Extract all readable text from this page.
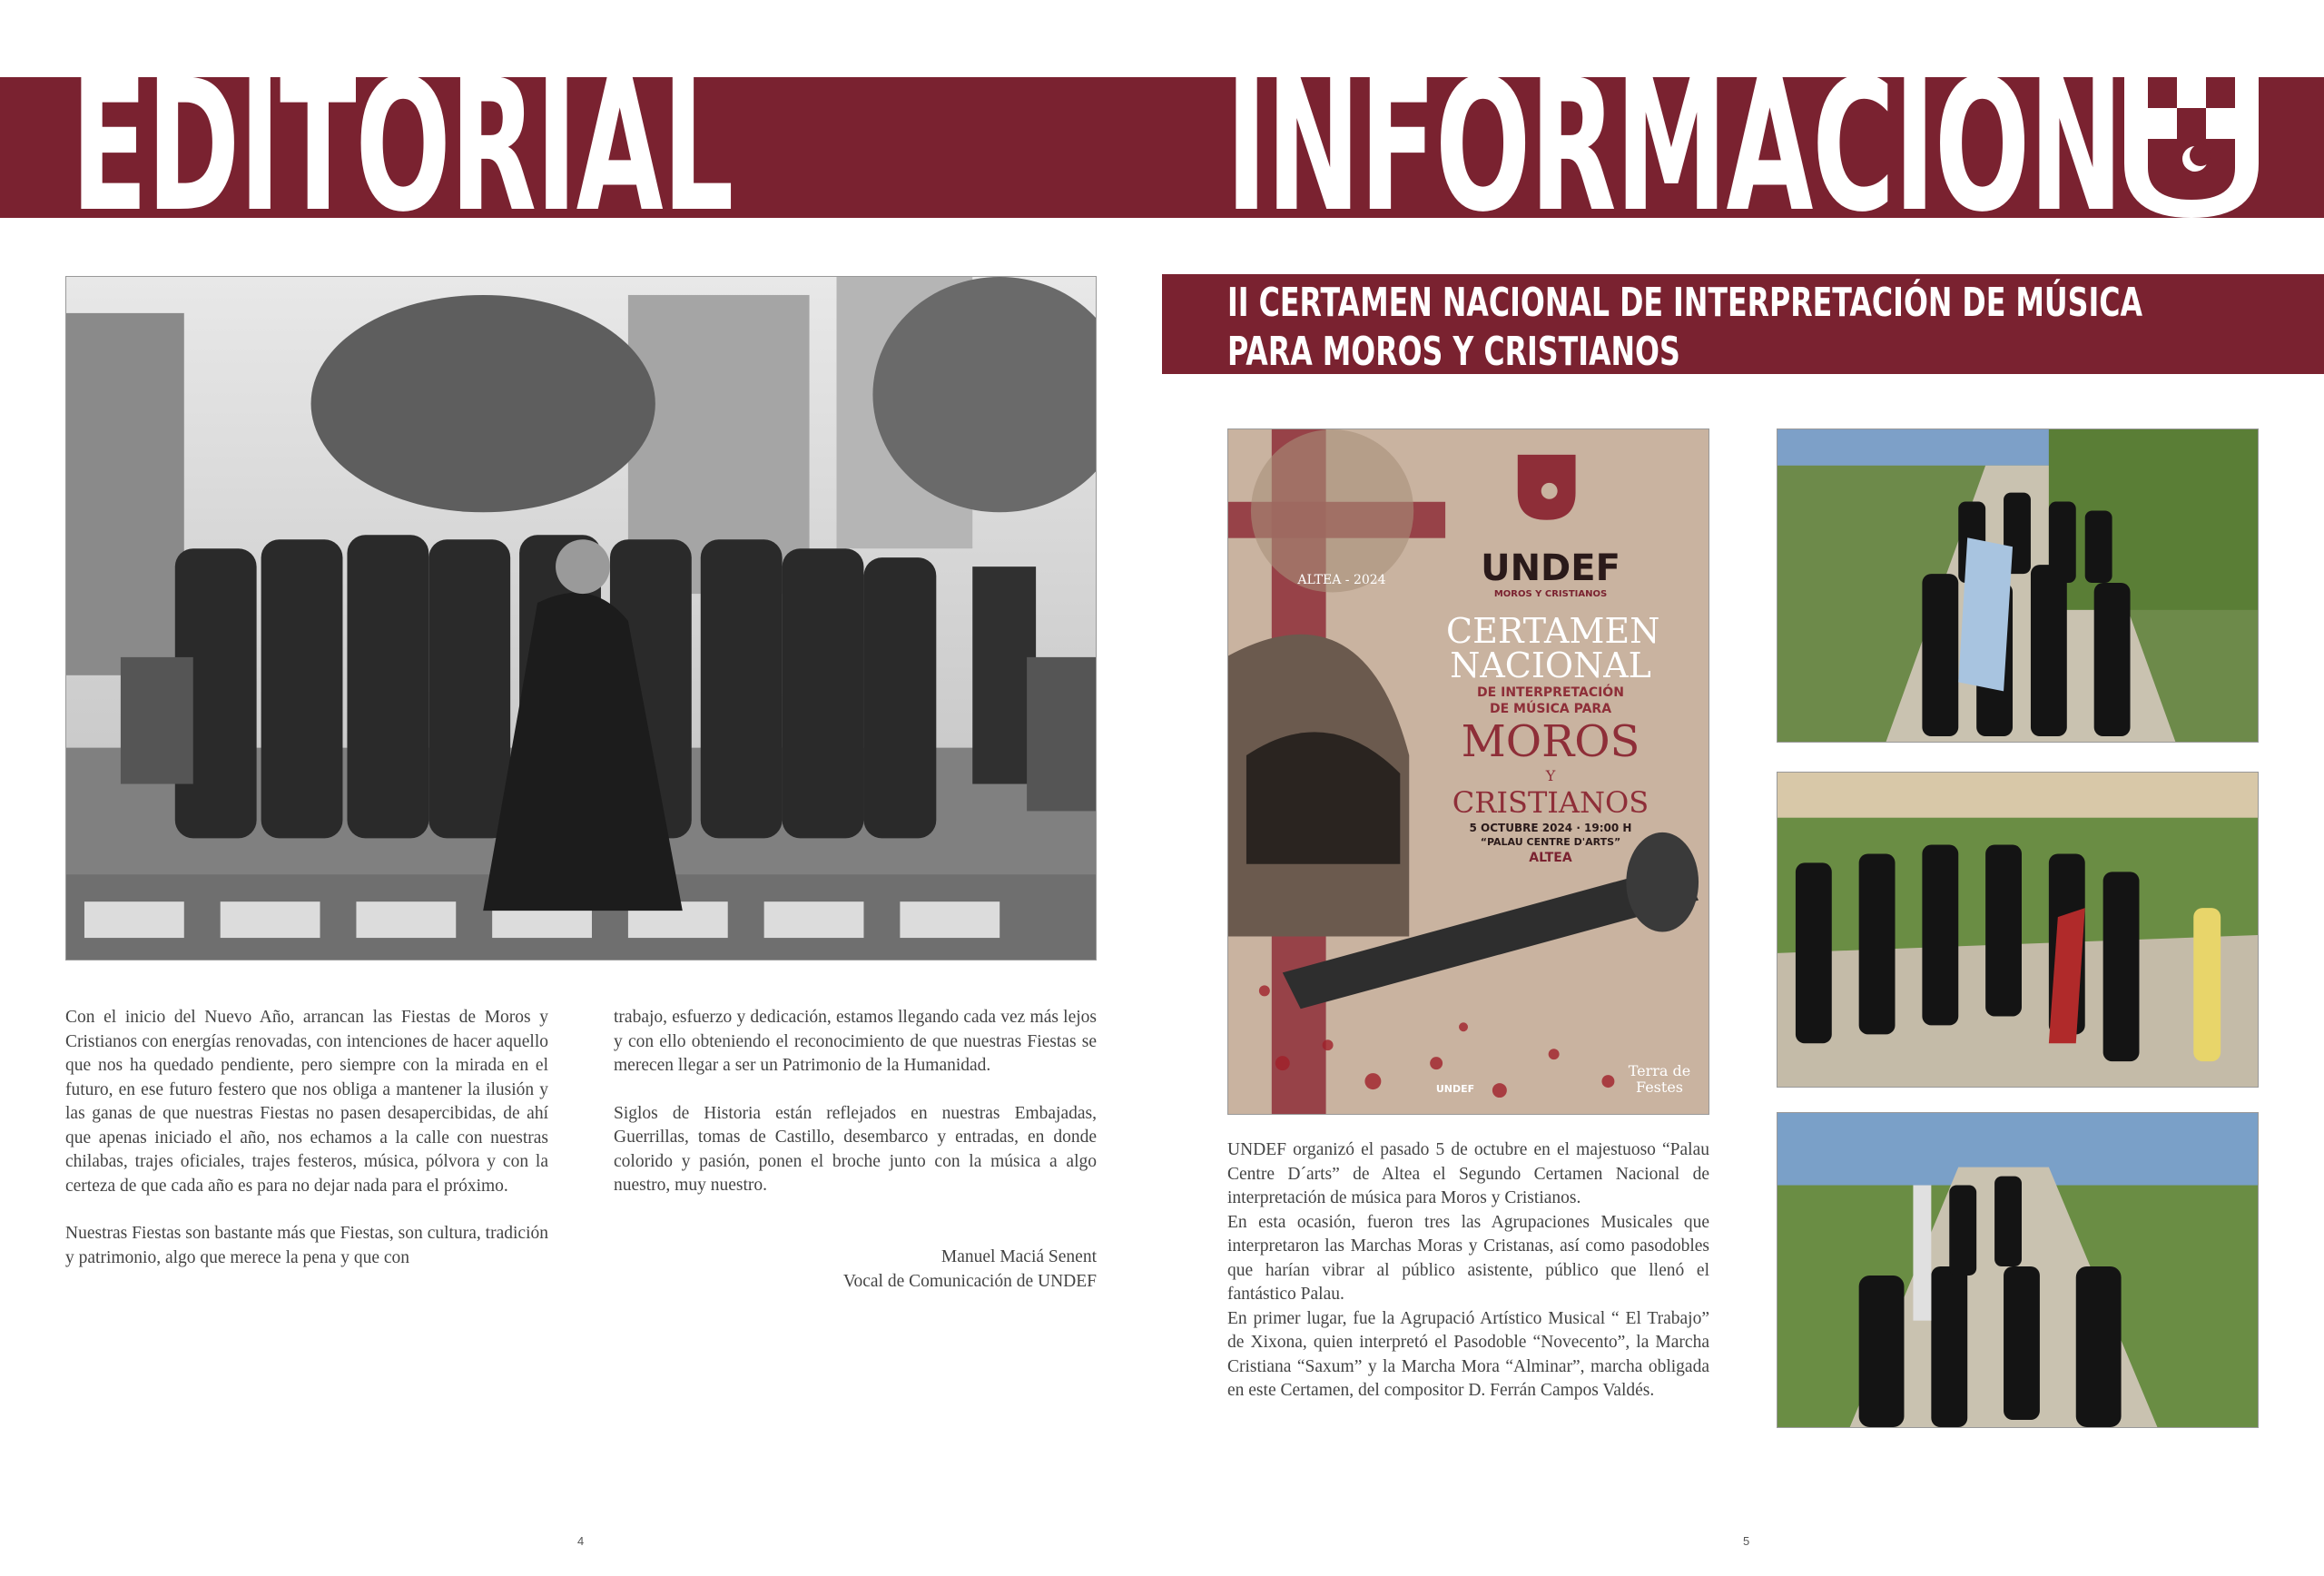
EDITORIAL	INFORMACIÓN

Con el inicio del Nuevo Año, arrancan las Fiestas de Moros y Cristianos con energías renovadas, con intenciones de hacer aquello que nos ha quedado pendiente, pero siempre con la mirada en el futuro, en ese futuro festero que nos obliga a mantener la ilusión y las ganas de que nuestras Fiestas no pasen desapercibidas, de ahí que apenas iniciado el año, nos echamos a la calle con nuestras chilabas, trajes oficiales, trajes festeros, música, pólvora y con la certeza de que cada año es para no dejar nada para el próximo.

Nuestras Fiestas son bastante más que Fiestas, son cultura, tradición y patrimonio, algo que merece la pena y que con

trabajo, esfuerzo y dedicación, estamos llegando cada vez más lejos y con ello obteniendo el reconocimiento de que nuestras Fiestas se merecen llegar a ser un Patrimonio de la Humanidad.

Siglos de Historia están reflejados en nuestras Embajadas, Guerrillas, tomas de Castillo, desembarco y entradas, en donde colorido y pasión, ponen el broche junto con la música a algo nuestro, muy nuestro.

Manuel Maciá Senent
Vocal de Comunicación de UNDEF
II CERTAMEN NACIONAL DE INTERPRETACIÓN DE MÚSICA
PARA MOROS Y CRISTIANOS
ALTEA - 2024	UNDEF
MOROS Y CRISTIANOS
CERTAMEN
NACIONAL
DE INTERPRETACIÓN
DE MÚSICA PARA
MOROS
Y
CRISTIANOS
5 OCTUBRE 2024 · 19:00 H
“PALAU CENTRE D'ARTS”
ALTEA
UNDEF
Terra de Festes
UNDEF organizó el pasado 5 de octubre en el majestuoso “Palau Centre D´arts” de Altea el Segundo Certamen Nacional de interpretación de música para Moros y Cristianos.
En esta ocasión, fueron tres las Agrupaciones Musicales que interpretaron las Marchas Moras y Cristanas, así como pasodobles que harían vibrar al público asistente, público que llenó el fantástico Palau.
En primer lugar, fue la Agrupació Artístico Musical “ El Trabajo” de Xixona, quien interpretó el Pasodoble “Novecento”, la Marcha Cristiana “Saxum” y la Marcha Mora “Alminar”, marcha obligada en este Certamen, del compositor D. Ferrán Campos Valdés.
4	5
